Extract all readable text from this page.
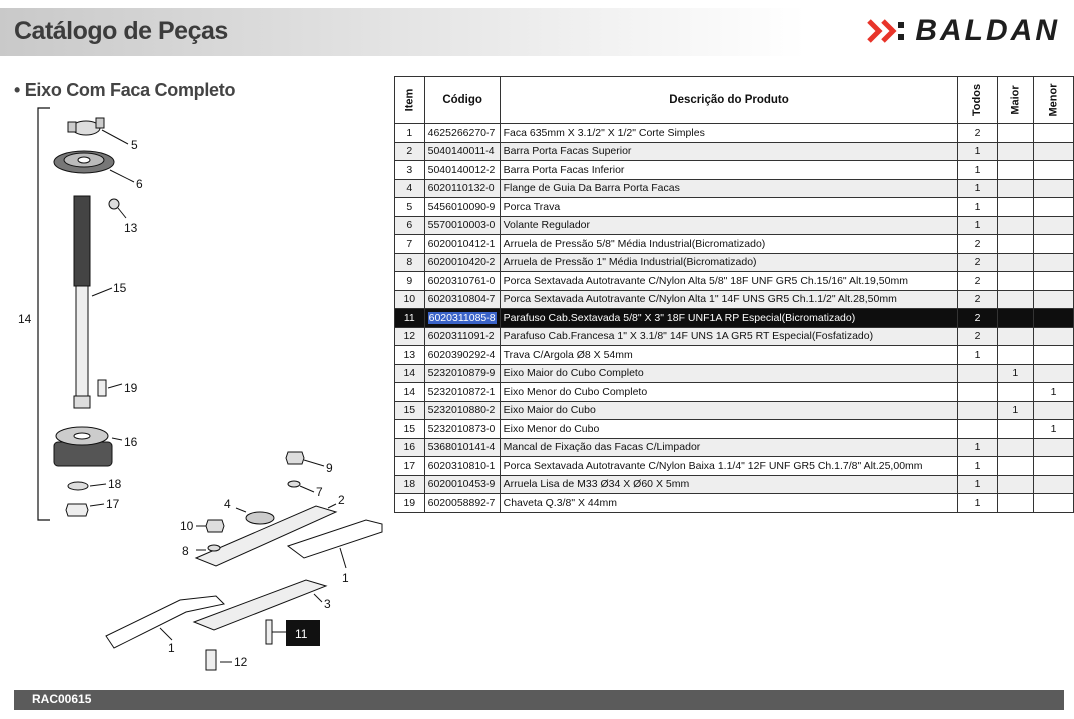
Catálogo de Peças	BALDAN
• Eixo Com Faca Completo
5
6
13
15
14
19
16
18
17
9
7
2
4
10
8
1
3
11
12
1
Item	Código	Descrição do Produto	Todos	Maior	Menor
1	4625266270-7	Faca 635mm X 3.1/2" X 1/2" Corte Simples	2		
2	5040140011-4	Barra Porta Facas Superior	1		
3	5040140012-2	Barra Porta Facas Inferior	1		
4	6020110132-0	Flange de Guia Da Barra Porta Facas	1		
5	5456010090-9	Porca Trava	1		
6	5570010003-0	Volante Regulador	1		
7	6020010412-1	Arruela de Pressão 5/8" Média Industrial(Bicromatizado)	2		
8	6020010420-2	Arruela de Pressão 1" Média Industrial(Bicromatizado)	2		
9	6020310761-0	Porca Sextavada Autotravante C/Nylon Alta 5/8" 18F UNF GR5 Ch.15/16" Alt.19,50mm	2		
10	6020310804-7	Porca Sextavada Autotravante C/Nylon Alta 1" 14F UNS GR5 Ch.1.1/2" Alt.28,50mm	2		
11	6020311085-8	Parafuso Cab.Sextavada 5/8" X 3" 18F UNF1A RP Especial(Bicromatizado)	2		
12	6020311091-2	Parafuso Cab.Francesa 1" X 3.1/8" 14F UNS 1A GR5 RT Especial(Fosfatizado)	2		
13	6020390292-4	Trava C/Argola Ø8 X 54mm	1		
14	5232010879-9	Eixo Maior do Cubo Completo		1	
14	5232010872-1	Eixo Menor do Cubo Completo			1
15	5232010880-2	Eixo Maior do Cubo		1	
15	5232010873-0	Eixo Menor do Cubo			1
16	5368010141-4	Mancal de Fixação das Facas C/Limpador	1		
17	6020310810-1	Porca Sextavada Autotravante C/Nylon Baixa 1.1/4" 12F UNF GR5 Ch.1.7/8" Alt.25,00mm	1		
18	6020010453-9	Arruela Lisa de M33 Ø34 X Ø60 X 5mm	1		
19	6020058892-7	Chaveta Q.3/8" X 44mm	1		
RAC00615
